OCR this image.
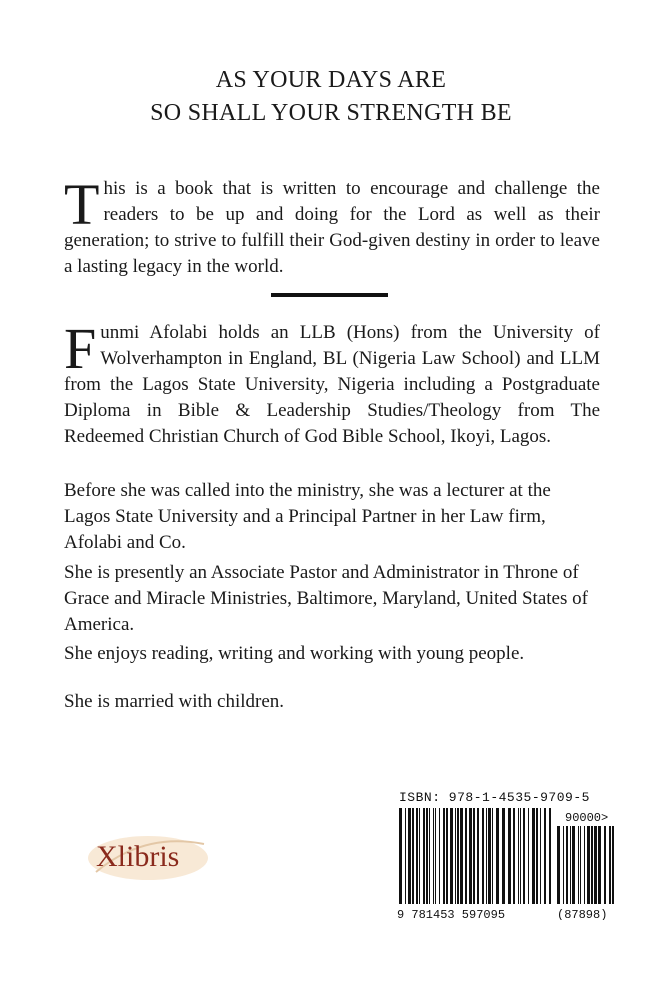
AS YOUR DAYS ARE
SO SHALL YOUR STRENGTH BE

This is a book that is written to encourage and challenge the readers to be up and doing for the Lord as well as their generation; to strive to fulfill their God-given destiny in order to leave a lasting legacy in the world.

Funmi Afolabi holds an LLB (Hons) from the University of Wolverhampton in England, BL (Nigeria Law School) and LLM from the Lagos State University, Nigeria including a Postgraduate Diploma in Bible & Leadership Studies/Theology from The Redeemed Christian Church of God Bible School, Ikoyi, Lagos.

Before she was called into the ministry, she was a lecturer at the Lagos State University and a Principal Partner in her Law firm, Afolabi and Co.

She is presently an Associate Pastor and Administrator in Throne of Grace and Miracle Ministries, Baltimore, Maryland, United States of America.

She enjoys reading, writing and working with young people.

She is married with children.

Xlibris
ISBN: 978-1-4535-9709-5
9 781453 597095	(87898)
90000>
